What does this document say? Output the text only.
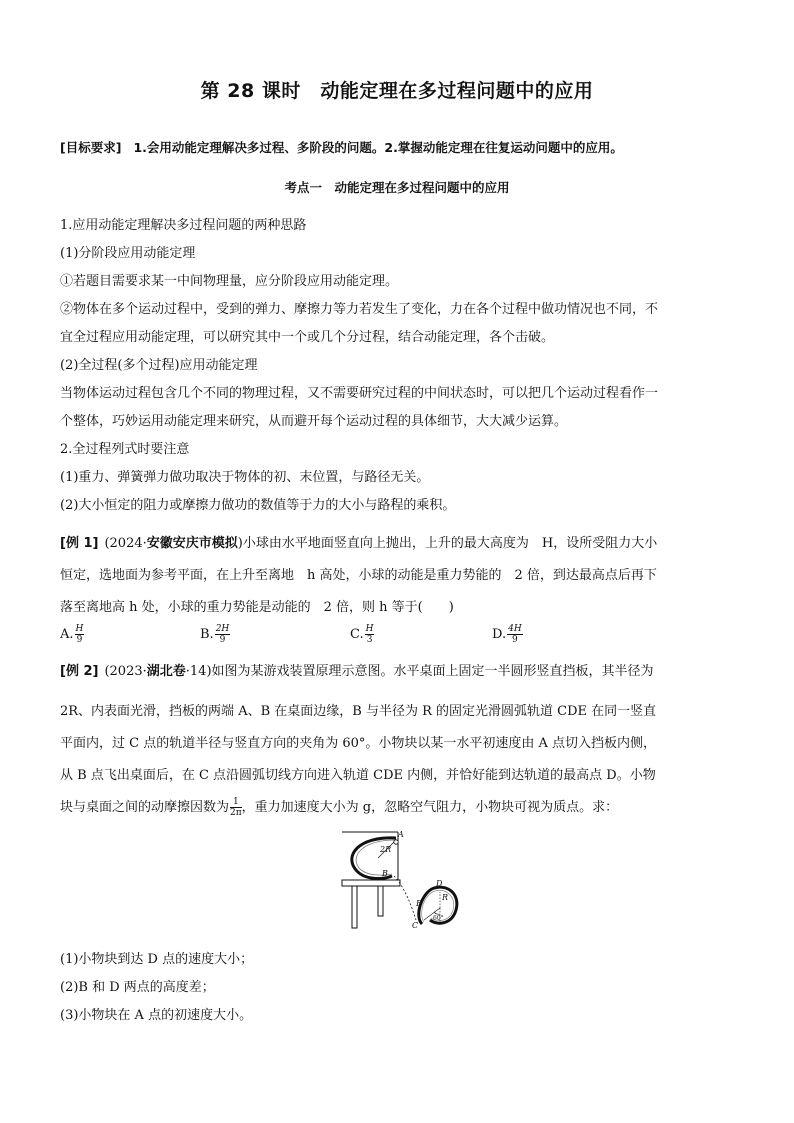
第 28 课时　动能定理在多过程问题中的应用
[目标要求] 1.会用动能定理解决多过程、多阶段的问题。2.掌握动能定理在往复运动问题中的应用。
考点一　动能定理在多过程问题中的应用
1.应用动能定理解决多过程问题的两种思路
(1)分阶段应用动能定理
①若题目需要求某一中间物理量，应分阶段应用动能定理。
②物体在多个运动过程中，受到的弹力、摩擦力等力若发生了变化，力在各个过程中做功情况也不同，不
宜全过程应用动能定理，可以研究其中一个或几个分过程，结合动能定理，各个击破。
(2)全过程(多个过程)应用动能定理
当物体运动过程包含几个不同的物理过程，又不需要研究过程的中间状态时，可以把几个运动过程看作一
个整体，巧妙运用动能定理来研究，从而避开每个运动过程的具体细节，大大减少运算。
2.全过程列式时要注意
(1)重力、弹簧弹力做功取决于物体的初、末位置，与路径无关。
(2)大小恒定的阻力或摩擦力做功的数值等于力的大小与路程的乘积。
[例 1] (2024·安徽安庆市模拟)小球由水平地面竖直向上抛出，上升的最大高度为　H，设所受阻力大小
恒定，选地面为参考平面，在上升至离地　h 高处，小球的动能是重力势能的　2 倍，到达最高点后再下
落至离地高 h 处，小球的重力势能是动能的　2 倍，则 h 等于(　　)
A. $\frac{H}{9}$	B. $\frac{2H}{9}$	C. $\frac{H}{3}$	D. $\frac{4H}{9}$
[例 2] (2023·湖北卷·14)如图为某游戏装置原理示意图。水平桌面上固定一半圆形竖直挡板，其半径为
2R、内表面光滑，挡板的两端 A、B 在桌面边缘，B 与半径为 R 的固定光滑圆弧轨道 CDE 在同一竖直
平面内，过 C 点的轨道半径与竖直方向的夹角为 60°。小物块以某一水平初速度由 A 点切入挡板内侧，
从 B 点飞出桌面后，在 C 点沿圆弧切线方向进入轨道 CDE 内侧，并恰好能到达轨道的最高点 D。小物
块与桌面之间的动摩擦因数为 $\frac{1}{2\pi}$ ，重力加速度大小为 g，忽略空气阻力，小物块可视为质点。求：
A
2R
B
D
R
E
60°
C
(1)小物块到达 D 点的速度大小；
(2)B 和 D 两点的高度差；
(3)小物块在 A 点的初速度大小。
